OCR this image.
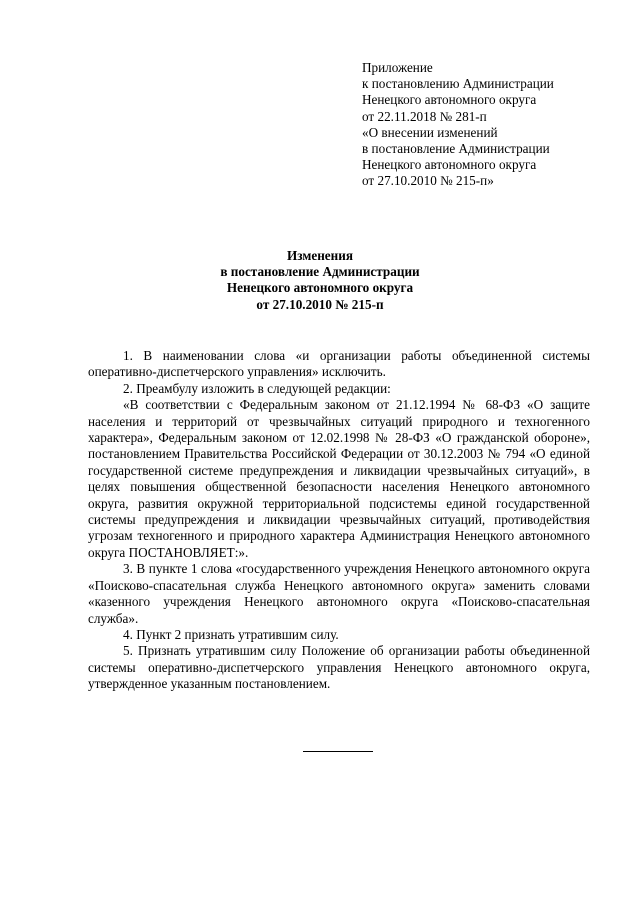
Приложение
к постановлению Администрации
Ненецкого автономного округа
от 22.11.2018 № 281-п
«О внесении изменений
в постановление Администрации
Ненецкого автономного округа
от 27.10.2010 № 215-п»
Изменения
в постановление Администрации
Ненецкого автономного округа
от 27.10.2010 № 215-п

1. В наименовании слова «и организации работы объединенной системы оперативно-диспетчерского управления» исключить.

2. Преамбулу изложить в следующей редакции:

«В соответствии с Федеральным законом от 21.12.1994 № 68-ФЗ «О защите населения и территорий от чрезвычайных ситуаций природного и техногенного характера», Федеральным законом от 12.02.1998 № 28-ФЗ «О гражданской обороне», постановлением Правительства Российской Федерации от 30.12.2003 № 794 «О единой государственной системе предупреждения и ликвидации чрезвычайных ситуаций», в целях повышения общественной безопасности населения Ненецкого автономного округа, развития окружной территориальной подсистемы единой государственной системы предупреждения и ликвидации чрезвычайных ситуаций, противодействия угрозам техногенного и природного характера Администрация Ненецкого автономного округа ПОСТАНОВЛЯЕТ:».

3. В пункте 1 слова «государственного учреждения Ненецкого автономного округа «Поисково-спасательная служба Ненецкого автономного округа» заменить словами «казенного учреждения Ненецкого автономного округа «Поисково-спасательная служба».

4. Пункт 2 признать утратившим силу.

5. Признать утратившим силу Положение об организации работы объединенной системы оперативно-диспетчерского управления Ненецкого автономного округа, утвержденное указанным постановлением.
